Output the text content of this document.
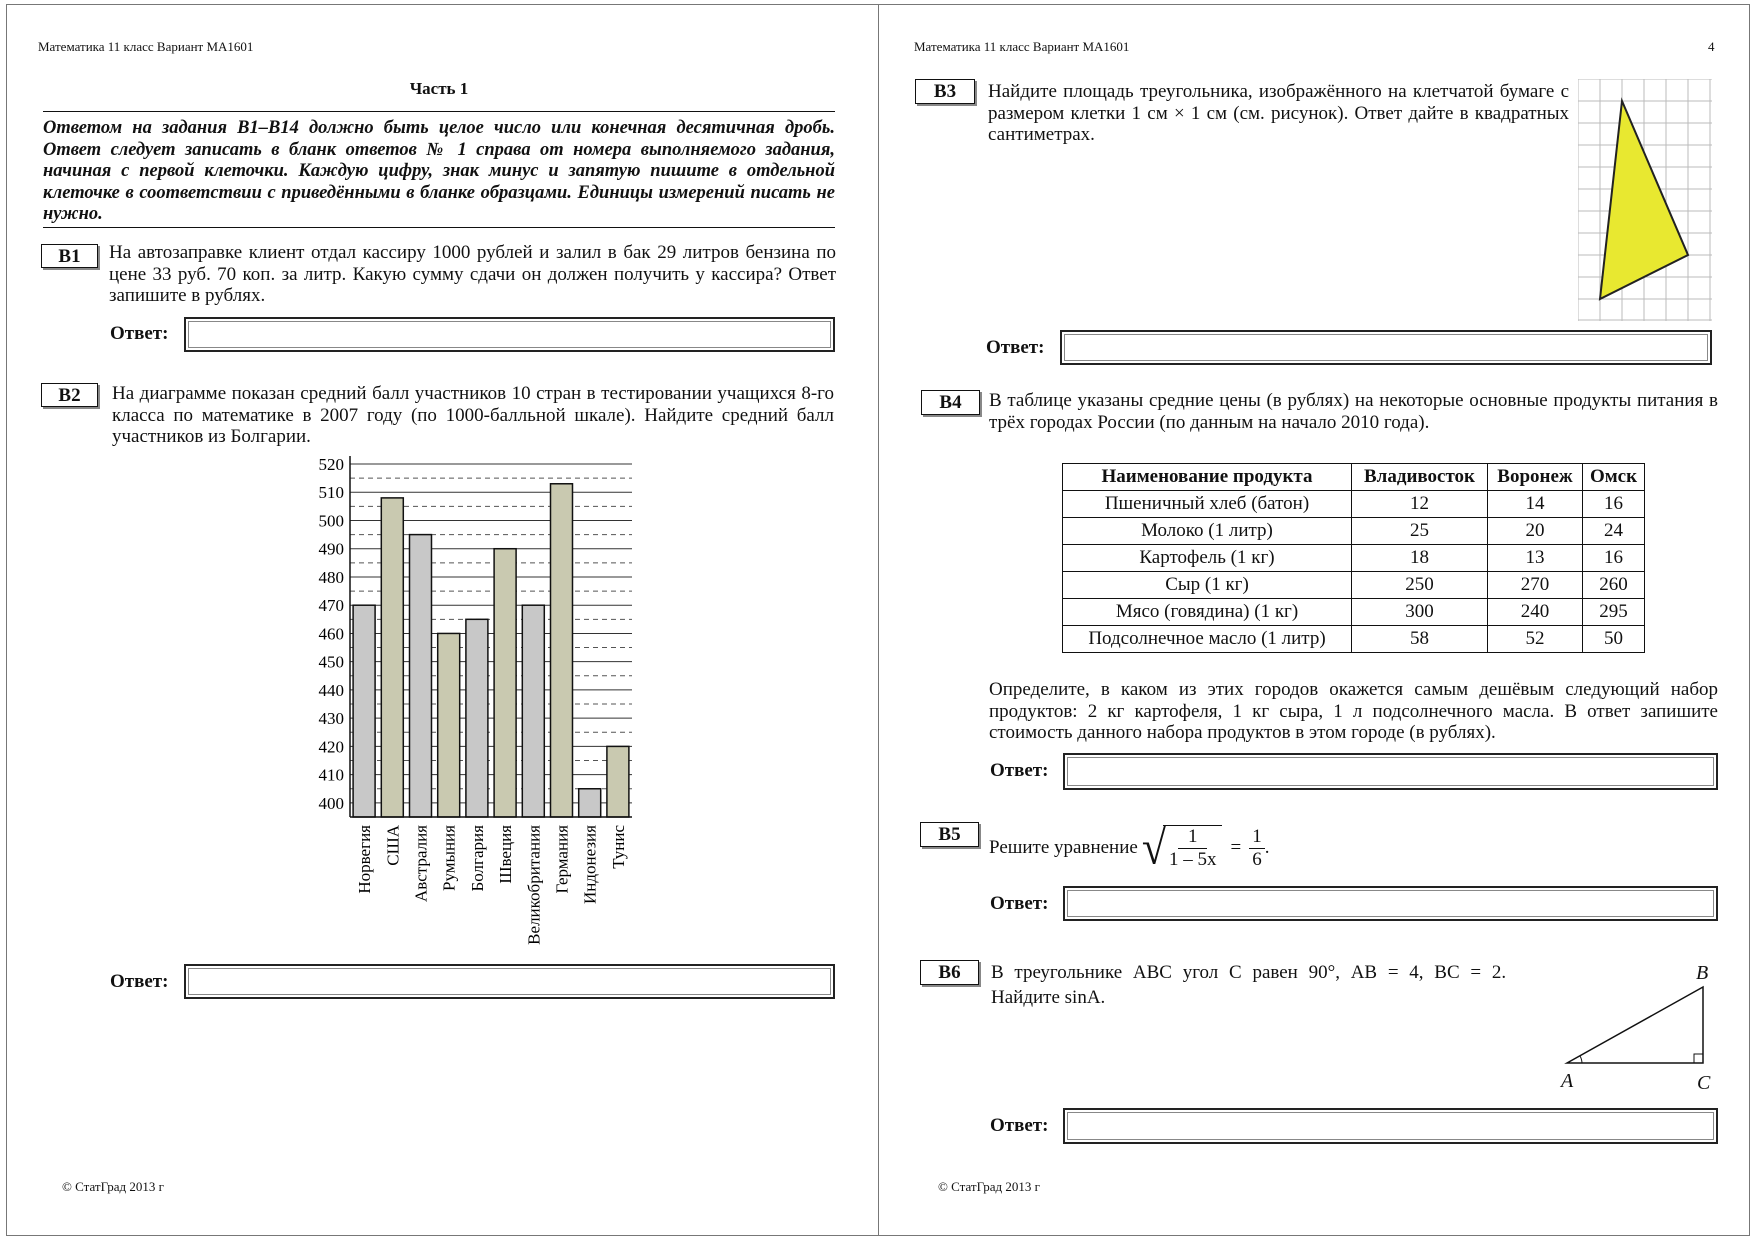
Математика 11 класс Вариант МА1601
Часть 1
Ответом на задания В1–В14 должно быть целое число или конечная десятичная дробь. Ответ следует записать в бланк ответов № 1 справа от номера выполняемого задания, начиная с первой клеточки. Каждую цифру, знак минус и запятую пишите в отдельной клеточке в соответствии с приведёнными в бланке образцами. Единицы измерений писать не нужно.
B1	На автозаправке клиент отдал кассиру 1000 рублей и залил в бак 29 литров бензина по цене 33 руб. 70 коп. за литр. Какую сумму сдачи он должен получить у кассира? Ответ запишите в рублях.
Ответ:
B2	На диаграмме показан средний балл участников 10 стран в тестировании учащихся 8-го класса по математике в 2007 году (по 1000-балльной шкале). Найдите средний балл участников из Болгарии.
400
410
420
430
440
450
460
470
480
490
500
510
520
Норвегия США Австралия Румыния Болгария Швеция Великобритания Германия Индонезия Тунис
Ответ:
© СтатГрад 2013 г
Математика 11 класс Вариант МА1601	4
B3	Найдите площадь треугольника, изображённого на клетчатой бумаге с размером клетки 1 см × 1 см (см. рисунок). Ответ дайте в квадратных сантиметрах.
Ответ:
B4	В таблице указаны средние цены (в рублях) на некоторые основные продукты питания в трёх городах России (по данным на начало 2010 года).
Наименование продукта	Владивосток	Воронеж	Омск
Пшеничный хлеб (батон)	12	14	16
Молоко (1 литр)	25	20	24
Картофель (1 кг)	18	13	16
Сыр (1 кг)	250	270	260
Мясо (говядина) (1 кг)	300	240	295
Подсолнечное масло (1 литр)	58	52	50
Определите, в каком из этих городов окажется самым дешёвым следующий набор продуктов: 2 кг картофеля, 1 кг сыра, 1 л подсолнечного масла. В ответ запишите стоимость данного набора продуктов в этом городе (в рублях).
Ответ:
B5
Решите уравнение √
$\frac{1}{1 - 5x} = \frac{1}{6}$ .
Ответ:
B6	В треугольнике ABC угол C равен 90°, AB = 4, BC = 2.
Найдите sinA.
A
B
C
Ответ:
© СтатГрад 2013 г
